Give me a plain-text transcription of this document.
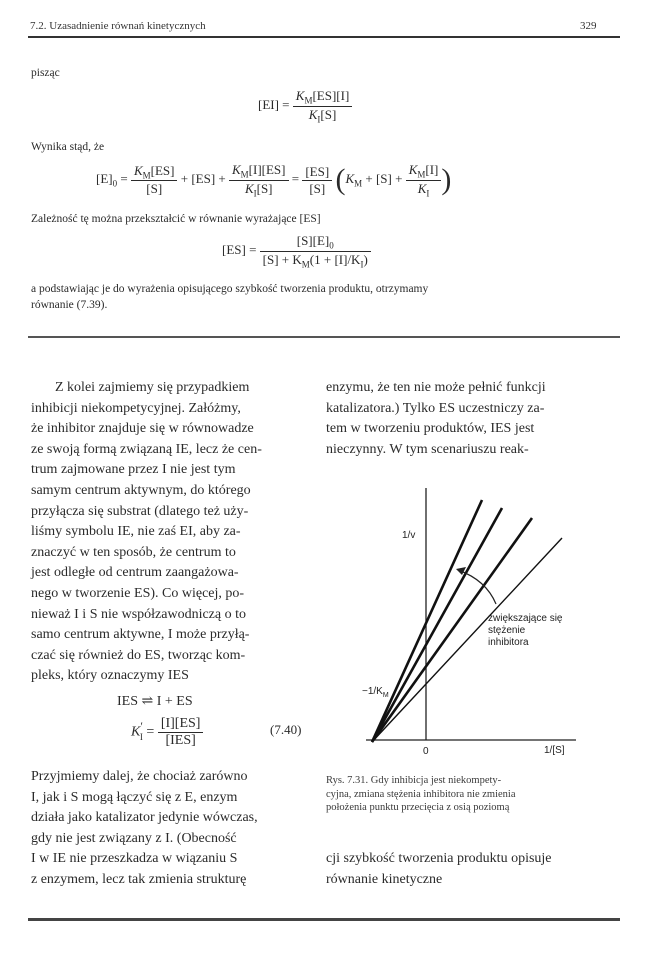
7.2. Uzasadnienie równań kinetycznych	329
pisząc
$[EI] = \frac{K_M[ES][I]}{K_I[S]}$
Wynika stąd, że
$[E]_0 = \frac{K_M[ES]}{[S]} + [ES] + \frac{K_M[I][ES]}{K_I[S]} = \frac{[ES]}{[S]} (K_M + [S] + \frac{K_M[I]}{K_I}$ )
Zależność tę można przekształcić w równanie wyrażające [ES]
$[ES] = \frac{[S][E]_0}{[S] + K_M(1 + [I]/K_I)}$
a podstawiając je do wyrażenia opisującego szybkość tworzenia produktu, otrzymamy
równanie (7.39).
Z kolei zajmiemy się przypadkiem
inhibicji niekompetycyjnej. Załóżmy,
że inhibitor znajduje się w równowadze
ze swoją formą związaną IE, lecz że cen-
trum zajmowane przez I nie jest tym
samym centrum aktywnym, do którego
przyłącza się substrat (dlatego też uży-
liśmy symbolu IE, nie zaś EI, aby za-
znaczyć w ten sposób, że centrum to
jest odległe od centrum zaangażowa-
nego w tworzenie ES). Co więcej, po-
nieważ I i S nie współzawodniczą o to
samo centrum aktywne, I może przyłą-
czać się również do ES, tworząc kom-
pleks, który oznaczymy IES
IES ⇌ I + ES
$K'_I = \frac{[I][ES]}{\text{[IES]}}$	(7.40)
Przyjmiemy dalej, że chociaż zarówno
I, jak i S mogą łączyć się z E, enzym
działa jako katalizator jedynie wówczas,
gdy nie jest związany z I. (Obecność
I w IE nie przeszkadza w wiązaniu S
z enzymem, lecz tak zmienia strukturę
enzymu, że ten nie może pełnić funkcji
katalizatora.) Tylko ES uczestniczy za-
tem w tworzeniu produktów, IES jest
nieczynny. W tym scenariuszu reak-
1/v
1/[S]
0
$-1/K_M$
zwiększające się
stężenie
inhibitora
Rys. 7.31. Gdy inhibicja jest niekompety-
cyjna, zmiana stężenia inhibitora nie zmienia
położenia punktu przecięcia z osią poziomą
cji szybkość tworzenia produktu opisuje
równanie kinetyczne
